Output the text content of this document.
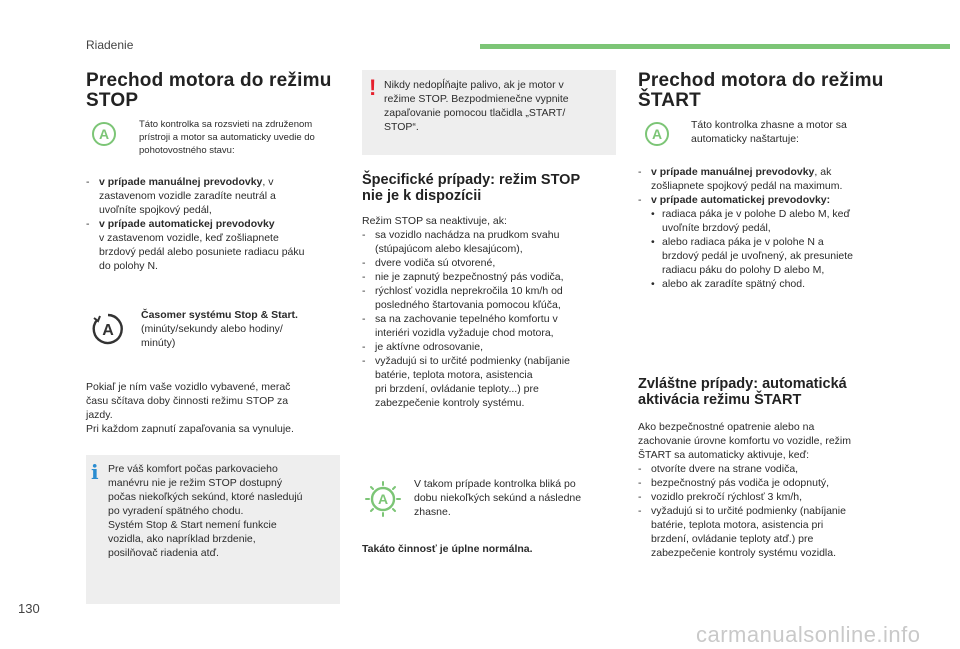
Riadenie
130
carmanualsonline.info
Prechod motora do režimu
STOP
A
Táto kontrolka sa rozsvieti na združenom
prístroji a motor sa automaticky uvedie do
pohotovostného stavu:
- v prípade manuálnej prevodovky, v
zastavenom vozidle zaradíte neutrál a
uvoľníte spojkový pedál,
- v prípade automatickej prevodovky
v zastavenom vozidle, keď zošliapnete
brzdový pedál alebo posuniete radiacu páku
do polohy N.
A
Časomer systému Stop & Start.
(minúty/sekundy alebo hodiny/
minúty)
Pokiaľ je ním vaše vozidlo vybavené, merač
času sčítava doby činnosti režimu STOP za
jazdy.
Pri každom zapnutí zapaľovania sa vynuluje.
i Pre váš komfort počas parkovacieho
manévru nie je režim STOP dostupný
počas niekoľkých sekúnd, ktoré nasledujú
po vyradení spätného chodu.
Systém Stop & Start nemení funkcie
vozidla, ako napríklad brzdenie,
posilňovač riadenia atď.
! Nikdy nedopĺňajte palivo, ak je motor v
režime STOP. Bezpodmienečne vypnite
zapaľovanie pomocou tlačidla „START/
STOP“.
Špecifické prípady: režim STOP
nie je k dispozícii
Režim STOP sa neaktivuje, ak:
- sa vozidlo nachádza na prudkom svahu
(stúpajúcom alebo klesajúcom),
- dvere vodiča sú otvorené,
- nie je zapnutý bezpečnostný pás vodiča,
- rýchlosť vozidla neprekročila 10 km/h od
posledného štartovania pomocou kľúča,
- sa na zachovanie tepelného komfortu v
interiéri vozidla vyžaduje chod motora,
- je aktívne odrosovanie,
- vyžadujú si to určité podmienky (nabíjanie
batérie, teplota motora, asistencia
pri brzdení, ovládanie teploty...) pre
zabezpečenie kontroly systému.
A
V takom prípade kontrolka bliká po
dobu niekoľkých sekúnd a následne
zhasne.
Takáto činnosť je úplne normálna.
Prechod motora do režimu
ŠTART
A
Táto kontrolka zhasne a motor sa
automaticky naštartuje:
- v prípade manuálnej prevodovky, ak
zošliapnete spojkový pedál na maximum.
- v prípade automatickej prevodovky:
• radiaca páka je v polohe D alebo M, keď
uvoľníte brzdový pedál,
• alebo radiaca páka je v polohe N a
brzdový pedál je uvoľnený, ak presuniete
radiacu páku do polohy D alebo M,
• alebo ak zaradíte spätný chod.
Zvláštne prípady: automatická
aktivácia režimu ŠTART
Ako bezpečnostné opatrenie alebo na
zachovanie úrovne komfortu vo vozidle, režim
ŠTART sa automaticky aktivuje, keď:
- otvoríte dvere na strane vodiča,
- bezpečnostný pás vodiča je odopnutý,
- vozidlo prekročí rýchlosť 3 km/h,
- vyžadujú si to určité podmienky (nabíjanie
batérie, teplota motora, asistencia pri
brzdení, ovládanie teploty atď.) pre
zabezpečenie kontroly systému vozidla.
